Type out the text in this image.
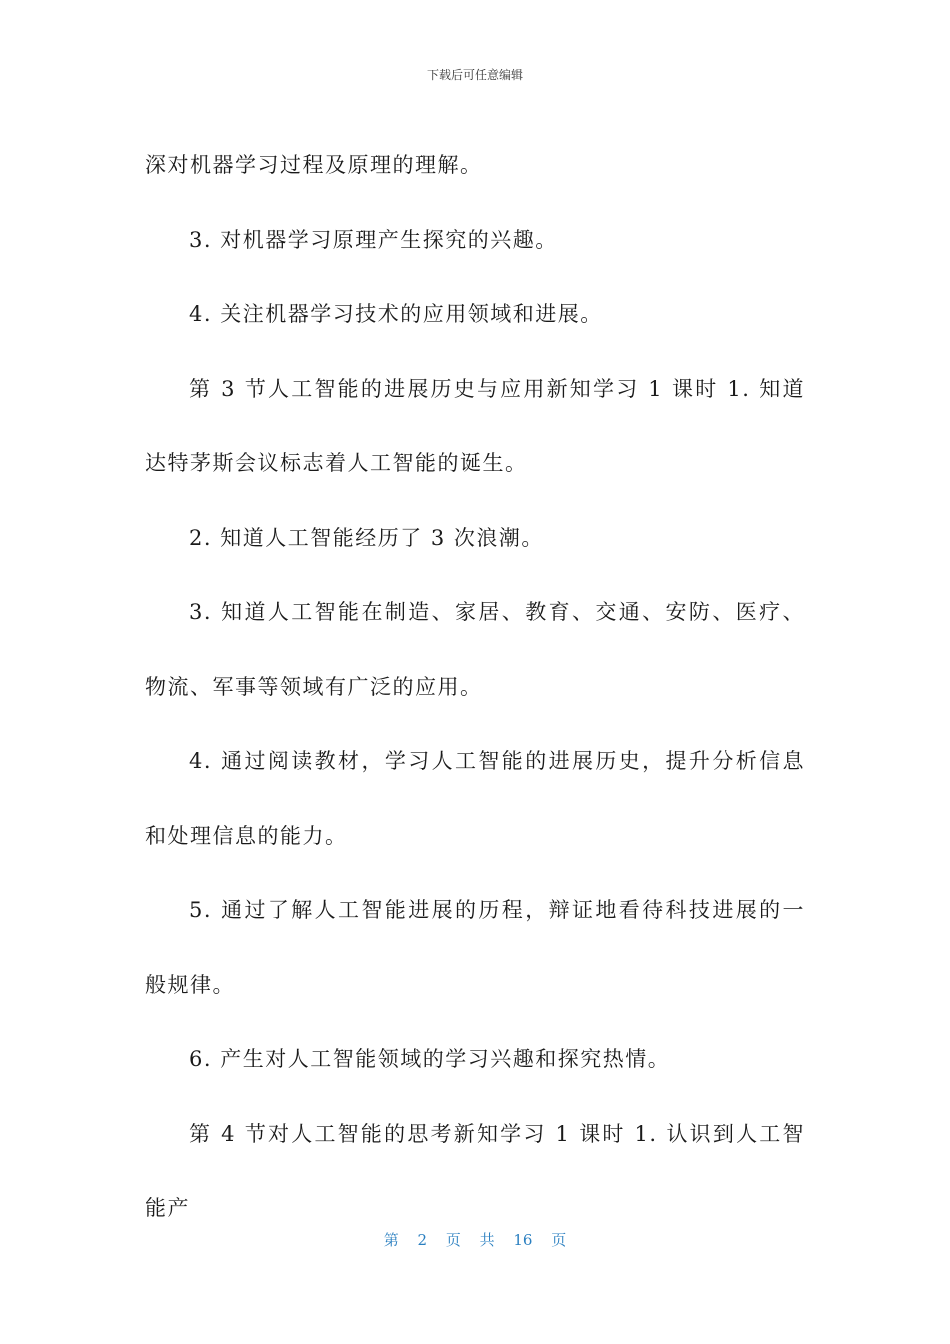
下载后可任意编辑

深对机器学习过程及原理的理解。

3. 对机器学习原理产生探究的兴趣。

4. 关注机器学习技术的应用领域和进展。

第 3 节人工智能的进展历史与应用新知学习 1 课时 1. 知道达特茅斯会议标志着人工智能的诞生。

2. 知道人工智能经历了 3 次浪潮。

3. 知道人工智能在制造、家居、教育、交通、安防、医疗、物流、军事等领域有广泛的应用。

4. 通过阅读教材，学习人工智能的进展历史，提升分析信息和处理信息的能力。

5. 通过了解人工智能进展的历程，辩证地看待科技进展的一般规律。

6. 产生对人工智能领域的学习兴趣和探究热情。

第 4 节对人工智能的思考新知学习 1 课时 1. 认识到人工智能产

第 2 页 共 16 页
